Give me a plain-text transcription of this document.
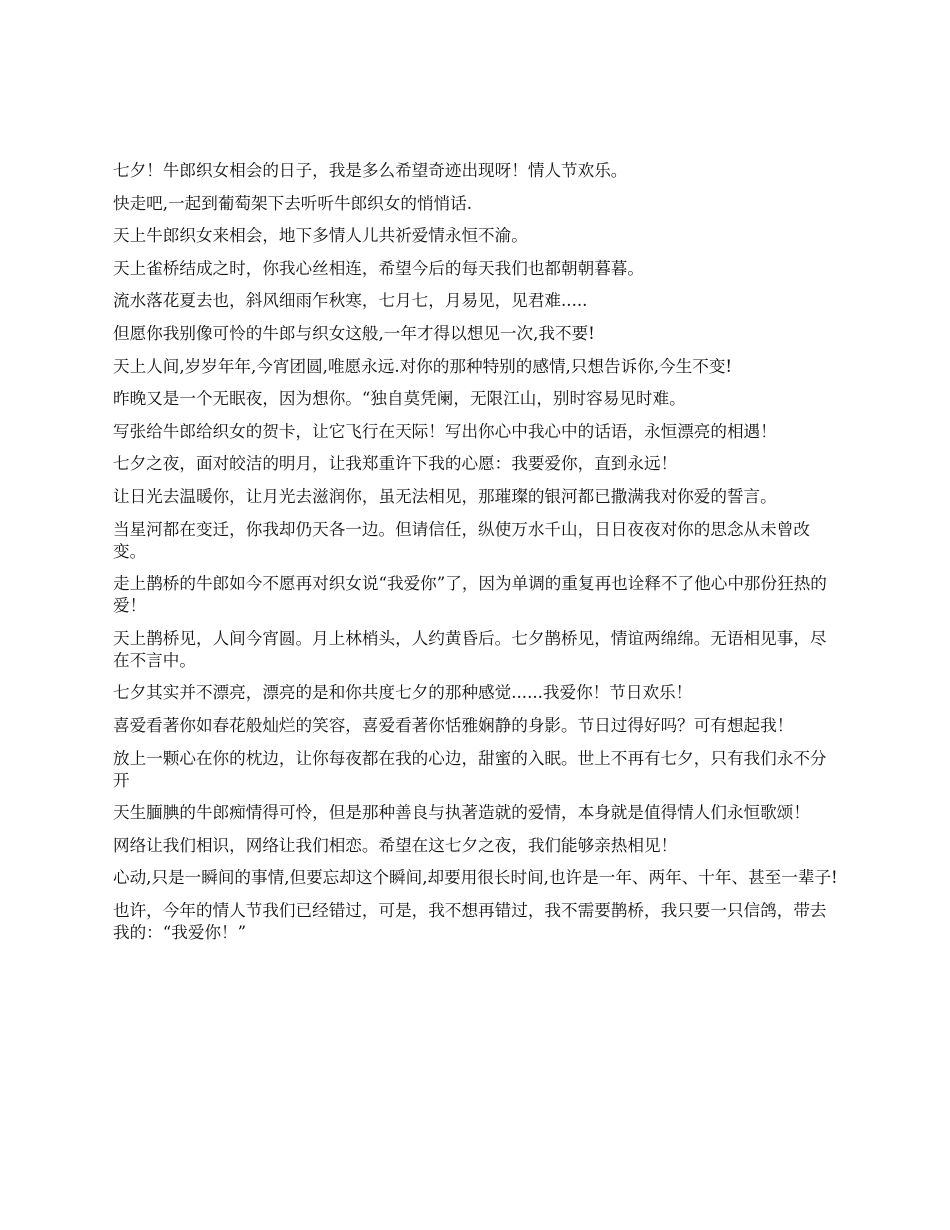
七夕！牛郎织女相会的日子，我是多么希望奇迹出现呀！情人节欢乐。

快走吧,一起到葡萄架下去听听牛郎织女的悄悄话.

天上牛郎织女来相会，地下多情人儿共祈爱情永恒不渝。

天上雀桥结成之时，你我心丝相连，希望今后的每天我们也都朝朝暮暮。

流水落花夏去也，斜风细雨乍秋寒，七月七，月易见，见君难.....

但愿你我别像可怜的牛郎与织女这般,一年才得以想见一次,我不要!

天上人间,岁岁年年,今宵团圆,唯愿永远.对你的那种特别的感情,只想告诉你,今生不变!

昨晚又是一个无眠夜，因为想你。“独自莫凭阑，无限江山，别时容易见时难。

写张给牛郎给织女的贺卡，让它飞行在天际！写出你心中我心中的话语，永恒漂亮的相遇！

七夕之夜，面对皎洁的明月，让我郑重许下我的心愿：我要爱你，直到永远！

让日光去温暖你，让月光去滋润你，虽无法相见，那璀璨的银河都已撒满我对你爱的誓言。

当星河都在变迁，你我却仍天各一边。但请信任，纵使万水千山，日日夜夜对你的思念从未曾改变。

走上鹊桥的牛郎如今不愿再对织女说“我爱你”了，因为单调的重复再也诠释不了他心中那份狂热的爱！

天上鹊桥见，人间今宵圆。月上林梢头，人约黄昏后。七夕鹊桥见，情谊两绵绵。无语相见事，尽在不言中。

七夕其实并不漂亮，漂亮的是和你共度七夕的那种感觉......我爱你！节日欢乐！

喜爱看著你如春花般灿烂的笑容，喜爱看著你恬雅娴静的身影。节日过得好吗？可有想起我！

放上一颗心在你的枕边，让你每夜都在我的心边，甜蜜的入眠。世上不再有七夕，只有我们永不分开

天生腼腆的牛郎痴情得可怜，但是那种善良与执著造就的爱情，本身就是值得情人们永恒歌颂！

网络让我们相识，网络让我们相恋。希望在这七夕之夜，我们能够亲热相见！

心动,只是一瞬间的事情,但要忘却这个瞬间,却要用很长时间,也许是一年、两年、十年、甚至一辈子!

也许，今年的情人节我们已经错过，可是，我不想再错过，我不需要鹊桥，我只要一只信鸽，带去我的：“我爱你！”
